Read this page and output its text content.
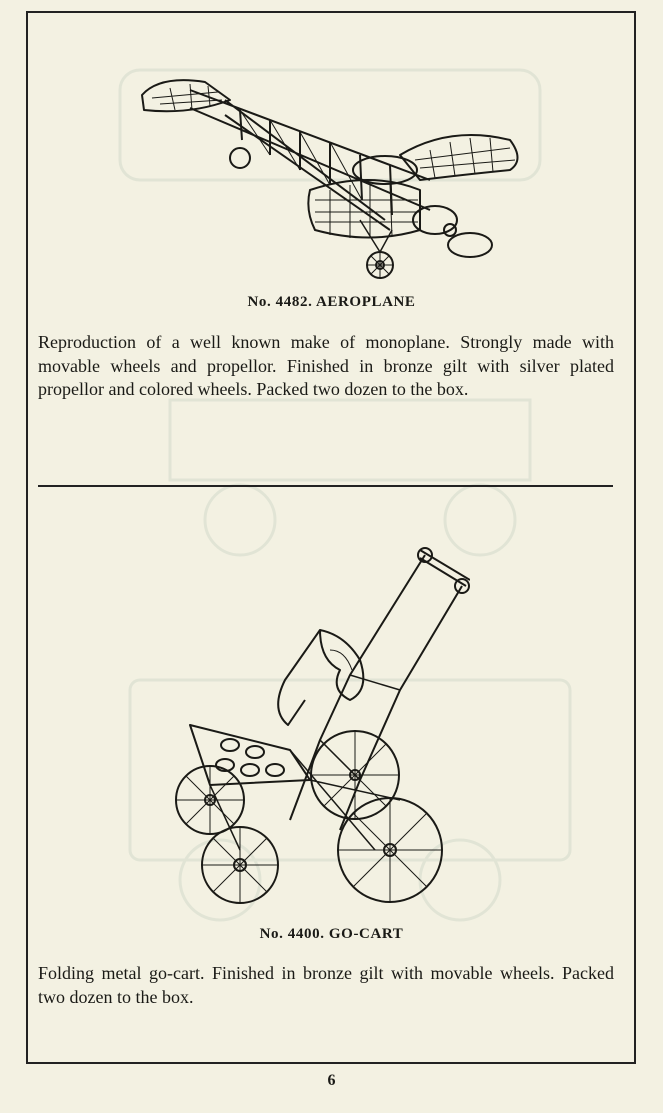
No. 4482. AEROPLANE
Reproduction of a well known make of monoplane. Strongly made with movable wheels and propellor. Finished in bronze gilt with silver plated propellor and colored wheels. Packed two dozen to the box.
No. 4400. GO-CART
Folding metal go-cart. Finished in bronze gilt with movable wheels. Packed two dozen to the box.
6
